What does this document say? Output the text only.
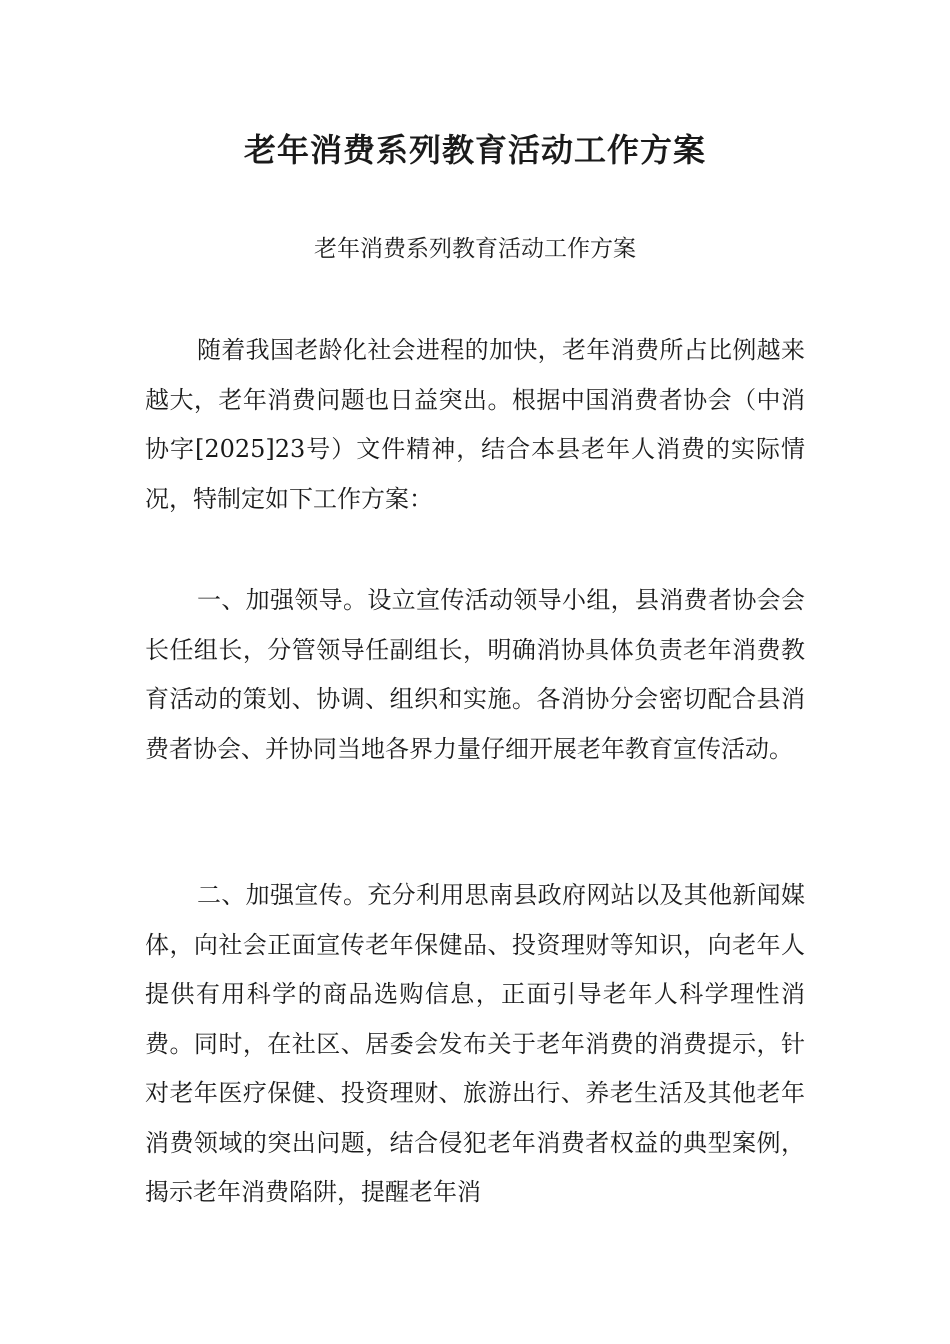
老年消费系列教育活动工作方案

老年消费系列教育活动工作方案

随着我国老龄化社会进程的加快，老年消费所占比例越来越大，老年消费问题也日益突出。根据中国消费者协会（中消协字[2025]23号）文件精神，结合本县老年人消费的实际情况，特制定如下工作方案：

一、加强领导。设立宣传活动领导小组，县消费者协会会长任组长，分管领导任副组长，明确消协具体负责老年消费教育活动的策划、协调、组织和实施。各消协分会密切配合县消费者协会、并协同当地各界力量仔细开展老年教育宣传活动。

二、加强宣传。充分利用思南县政府网站以及其他新闻媒体，向社会正面宣传老年保健品、投资理财等知识，向老年人提供有用科学的商品选购信息，正面引导老年人科学理性消费。同时，在社区、居委会发布关于老年消费的消费提示，针对老年医疗保健、投资理财、旅游出行、养老生活及其他老年消费领域的突出问题，结合侵犯老年消费者权益的典型案例，揭示老年消费陷阱，提醒老年消
